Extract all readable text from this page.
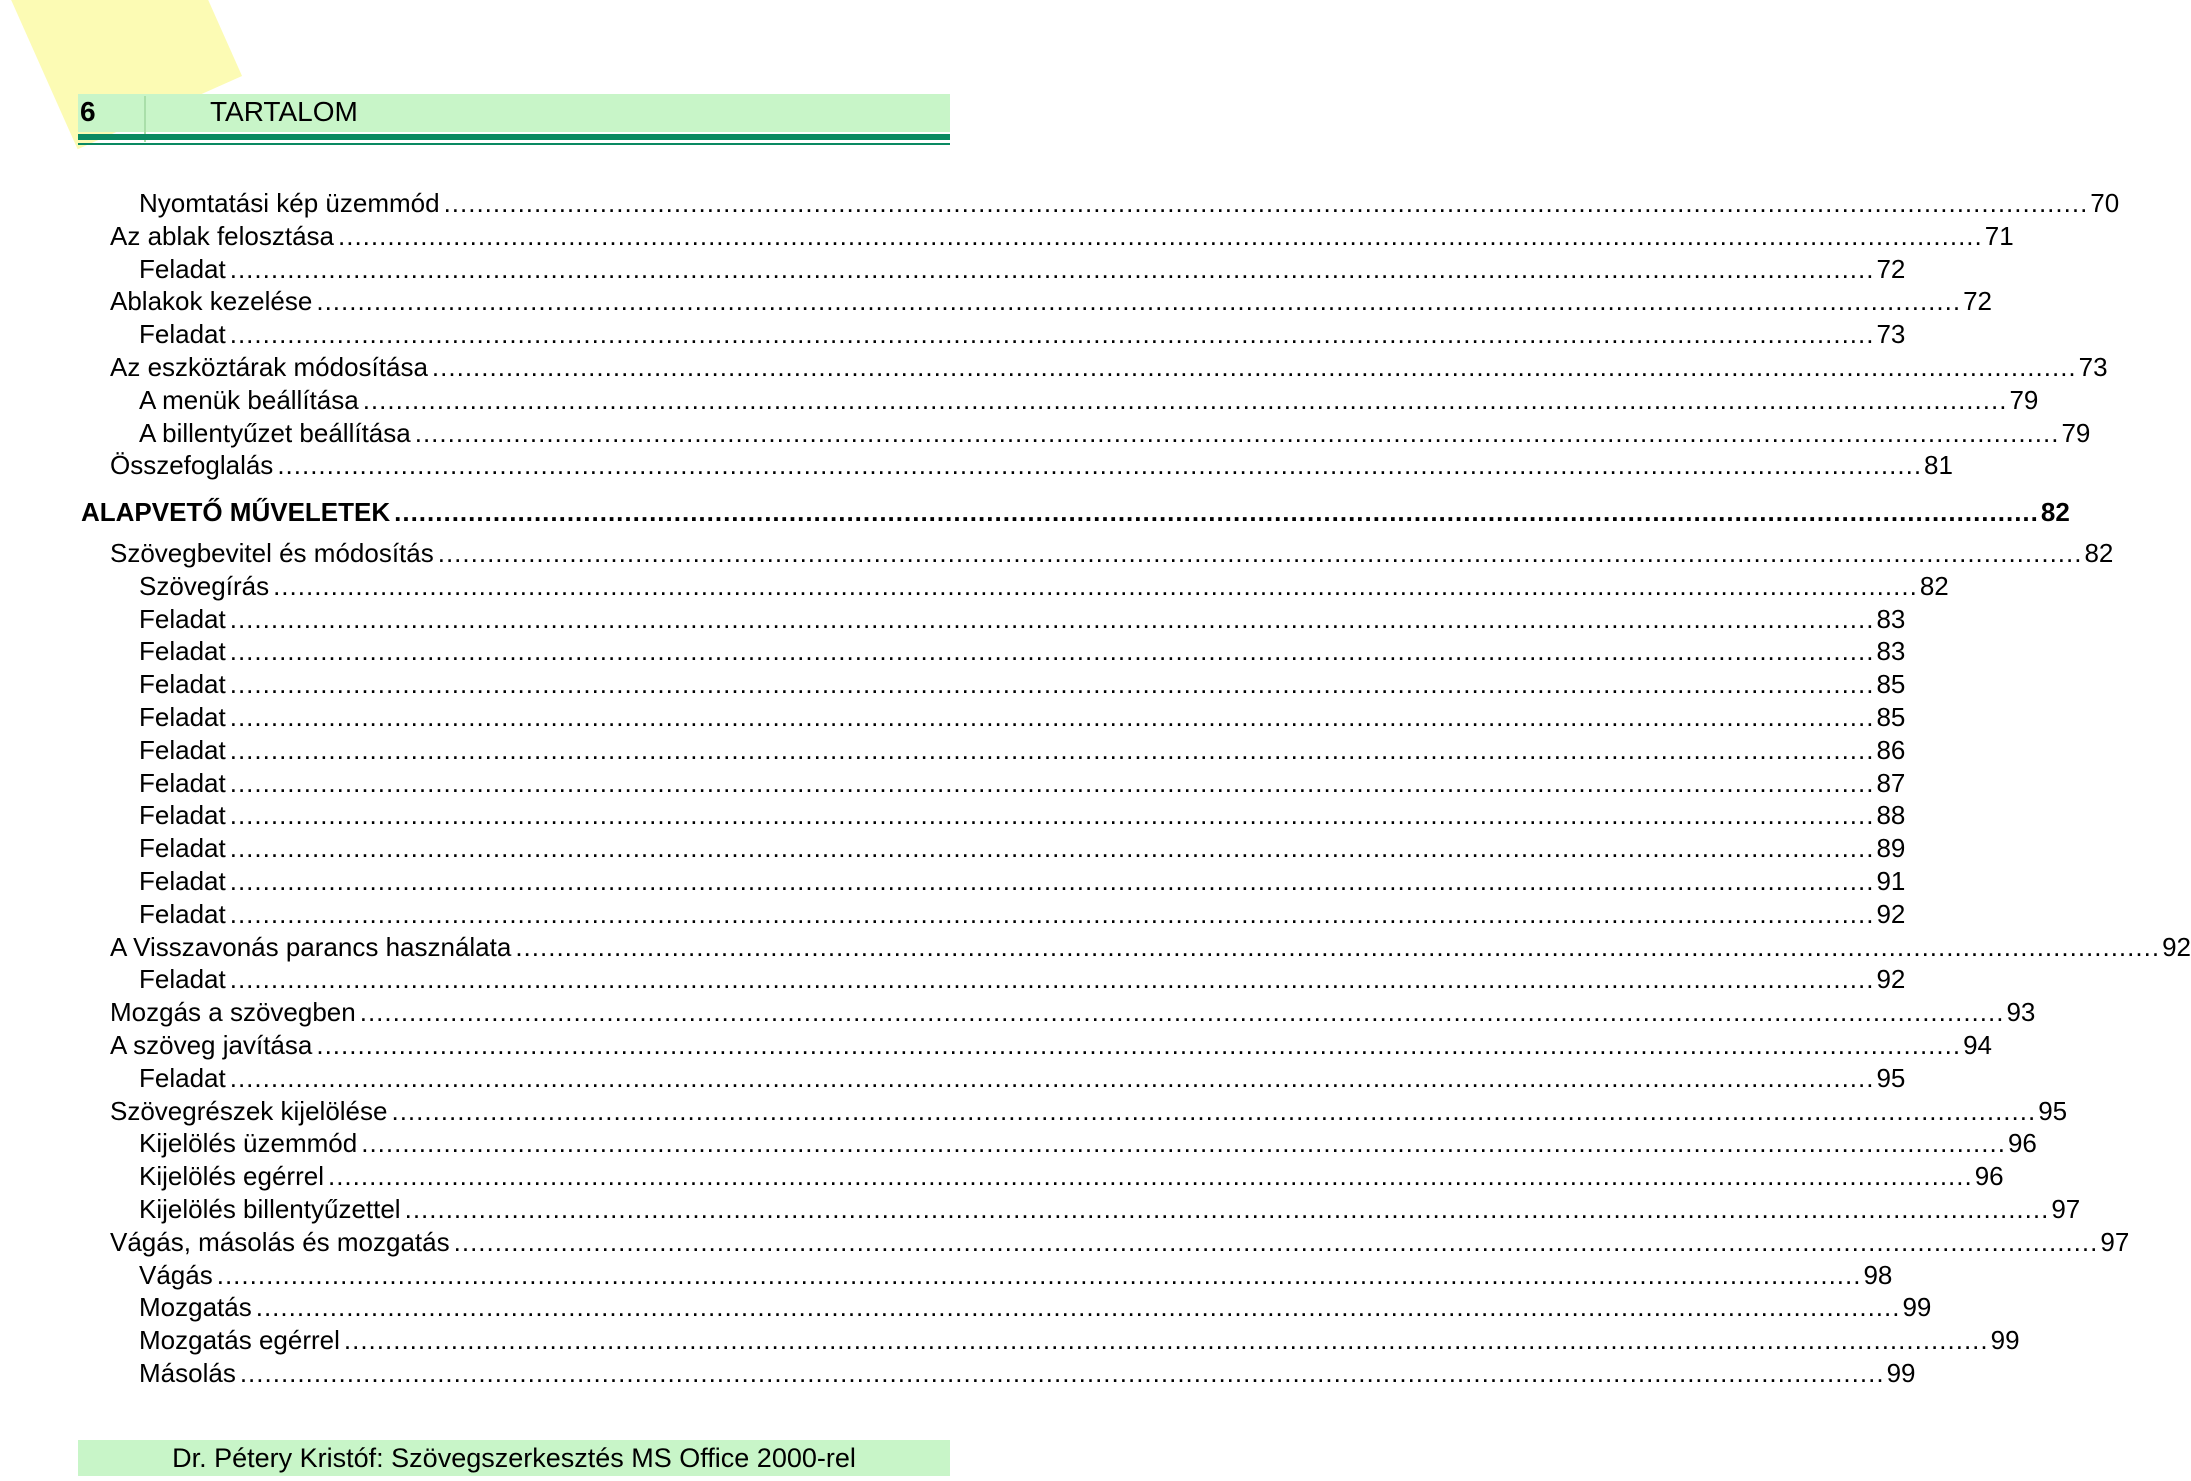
6	TARTALOM
Nyomtatási kép üzemmód ........................................................................................................................................................................................................ 70
Az ablak felosztása ........................................................................................................................................................................................................ 71
Feladat ........................................................................................................................................................................................................ 72
Ablakok kezelése ........................................................................................................................................................................................................ 72
Feladat ........................................................................................................................................................................................................ 73
Az eszköztárak módosítása ........................................................................................................................................................................................................ 73
A menük beállítása ........................................................................................................................................................................................................ 79
A billentyűzet beállítása ........................................................................................................................................................................................................ 79
Összefoglalás ........................................................................................................................................................................................................ 81
ALAPVETŐ MŰVELETEK ........................................................................................................................................................................................................ 82
Szövegbevitel és módosítás ........................................................................................................................................................................................................ 82
Szövegírás ........................................................................................................................................................................................................ 82
Feladat ........................................................................................................................................................................................................ 83
Feladat ........................................................................................................................................................................................................ 83
Feladat ........................................................................................................................................................................................................ 85
Feladat ........................................................................................................................................................................................................ 85
Feladat ........................................................................................................................................................................................................ 86
Feladat ........................................................................................................................................................................................................ 87
Feladat ........................................................................................................................................................................................................ 88
Feladat ........................................................................................................................................................................................................ 89
Feladat ........................................................................................................................................................................................................ 91
Feladat ........................................................................................................................................................................................................ 92
A Visszavonás parancs használata ........................................................................................................................................................................................................ 92
Feladat ........................................................................................................................................................................................................ 92
Mozgás a szövegben ........................................................................................................................................................................................................ 93
A szöveg javítása ........................................................................................................................................................................................................ 94
Feladat ........................................................................................................................................................................................................ 95
Szövegrészek kijelölése ........................................................................................................................................................................................................ 95
Kijelölés üzemmód ........................................................................................................................................................................................................ 96
Kijelölés egérrel ........................................................................................................................................................................................................ 96
Kijelölés billentyűzettel ........................................................................................................................................................................................................ 97
Vágás, másolás és mozgatás ........................................................................................................................................................................................................ 97
Vágás ........................................................................................................................................................................................................ 98
Mozgatás ........................................................................................................................................................................................................ 99
Mozgatás egérrel ........................................................................................................................................................................................................ 99
Másolás ........................................................................................................................................................................................................ 99
Dr. Pétery Kristóf: Szövegszerkesztés MS Office 2000-rel
